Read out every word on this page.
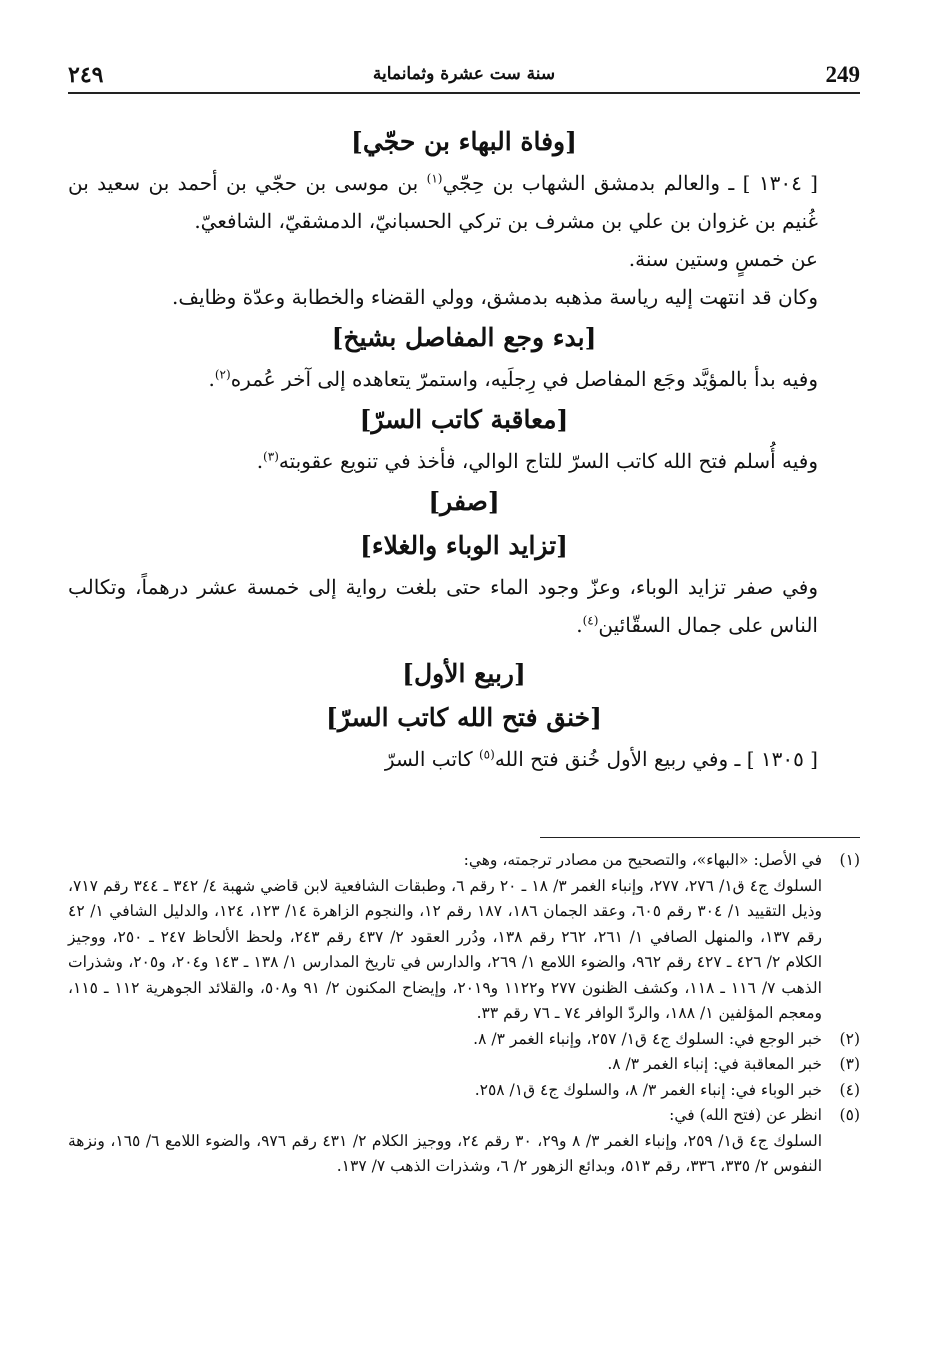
249
سنة ست عشرة وثمانماية
٢٤٩
[وفاة البهاء بن حجّي]

[ ١٣٠٤ ] ـ والعالم بدمشق الشهاب بن حِجّي$^{(١)}$ بن موسى بن حجّي بن أحمد بن سعيد بن غُنيم بن غزوان بن علي بن مشرف بن تركي الحسبانيّ، الدمشقيّ، الشافعيّ.

عن خمسٍ وستين سنة.

وكان قد انتهت إليه رياسة مذهبه بدمشق، وولي القضاء والخطابة وعدّة وظايف.

[بدء وجع المفاصل بشيخ]

وفيه بدأ بالمؤيَّد وجَع المفاصل في رِجلَيه، واستمرّ يتعاهده إلى آخر عُمره$^{(٢)}$.

[معاقبة كاتب السرّ]

وفيه أُسلم فتح الله كاتب السرّ للتاج الوالي، فأخذ في تنويع عقوبته$^{(٣)}$.

[صفر]
[تزايد الوباء والغلاء]

وفي صفر تزايد الوباء، وعزّ وجود الماء حتى بلغت رواية إلى خمسة عشر درهماً، وتكالب الناس على جمال السقّائين$^{(٤)}$.

[ربيع الأول]
[خنق فتح الله كاتب السرّ]

[ ١٣٠٥ ] ـ وفي ربيع الأول خُنق فتح الله$^{(٥)}$ كاتب السرّ

(١)في الأصل: «البهاء»، والتصحيح من مصادر ترجمته، وهي:

السلوك ج٤ ق١/ ٢٧٦، ٢٧٧، وإنباء الغمر ٣/ ١٨ ـ ٢٠ رقم ٦، وطبقات الشافعية لابن قاضي شهبة ٤/ ٣٤٢ ـ ٣٤٤ رقم ٧١٧، وذيل التقييد ١/ ٣٠٤ رقم ٦٠٥، وعقد الجمان ١٨٦، ١٨٧ رقم ١٢، والنجوم الزاهرة ١٤/ ١٢٣، ١٢٤، والدليل الشافي ١/ ٤٢ رقم ١٣٧، والمنهل الصافي ١/ ٢٦١، ٢٦٢ رقم ١٣٨، ودُرر العقود ٢/ ٤٣٧ رقم ٢٤٣، ولحظ الألحاظ ٢٤٧ ـ ٢٥٠، ووجيز الكلام ٢/ ٤٢٦ ـ ٤٢٧ رقم ٩٦٢، والضوء اللامع ١/ ٢٦٩، والدارس في تاريخ المدارس ١/ ١٣٨ ـ ١٤٣ و٢٠٤، و٢٠٥، وشذرات الذهب ٧/ ١١٦ ـ ١١٨، وكشف الظنون ٢٧٧ و١١٢٢ و٢٠١٩، وإيضاح المكنون ٢/ ٩١ و٥٠٨، والقلائد الجوهرية ١١٢ ـ ١١٥، ومعجم المؤلفين ١/ ١٨٨، والردّ الوافر ٧٤ ـ ٧٦ رقم ٣٣.

(٢)خبر الوجع في: السلوك ج٤ ق١/ ٢٥٧، وإنباء الغمر ٣/ ٨.

(٣)خبر المعاقبة في: إنباء الغمر ٣/ ٨.

(٤)خبر الوباء في: إنباء الغمر ٣/ ٨، والسلوك ج٤ ق١/ ٢٥٨.

(٥)انظر عن (فتح الله) في:

السلوك ج٤ ق١/ ٢٥٩، وإنباء الغمر ٣/ ٨ و٢٩، ٣٠ رقم ٢٤، ووجيز الكلام ٢/ ٤٣١ رقم ٩٧٦، والضوء اللامع ٦/ ١٦٥، ونزهة النفوس ٢/ ٣٣٥، ٣٣٦، رقم ٥١٣، وبدائع الزهور ٢/ ٦، وشذرات الذهب ٧/ ١٣٧.
